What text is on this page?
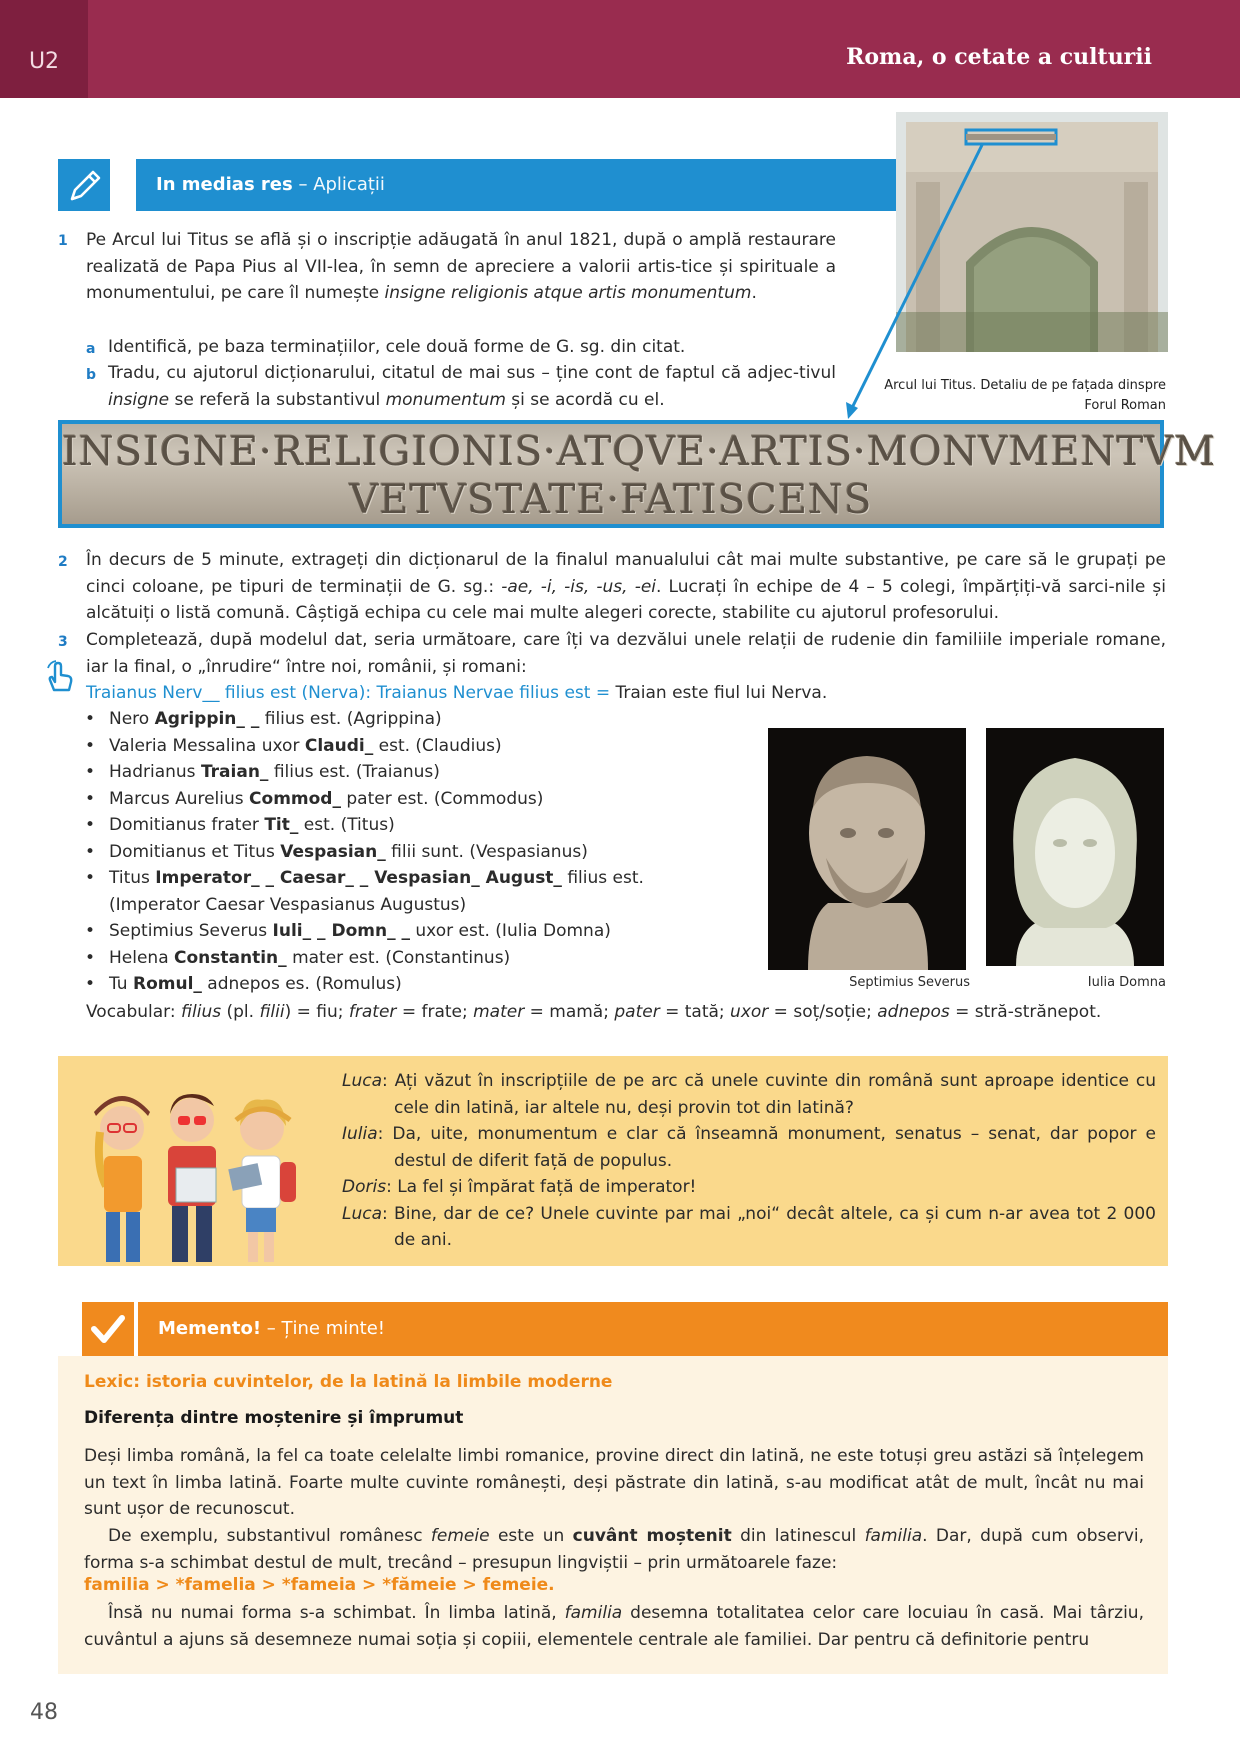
U2	Roma, o cetate a culturii
In medias res – Aplicații
Arcul lui Titus. Detaliu de pe fațada dinspre Forul Roman
1 Pe Arcul lui Titus se află și o inscripție adăugată în anul 1821, după o amplă restaurare realizată de Papa Pius al VII-lea, în semn de apreciere a valorii artis-tice și spirituale a monumentului, pe care îl numește insigne religionis atque artis monumentum.
a Identifică, pe baza terminațiilor, cele două forme de G. sg. din citat.
b Tradu, cu ajutorul dicționarului, citatul de mai sus – ține cont de faptul că adjec-tivul insigne se referă la substantivul monumentum și se acordă cu el.
INSIGNE·RELIGIONIS·ATQVE·ARTIS·MONVMENTVM
VETVSTATE·FATISCENS
2 În decurs de 5 minute, extrageți din dicționarul de la finalul manualului cât mai multe substantive, pe care să le grupați pe cinci coloane, pe tipuri de terminații de G. sg.: -ae, -i, -is, -us, -ei. Lucrați în echipe de 4 – 5 colegi, împărțiți-vă sarci-nile și alcătuiți o listă comună. Câștigă echipa cu cele mai multe alegeri corecte, stabilite cu ajutorul profesorului.
3 Completează, după modelul dat, seria următoare, care îți va dezvălui unele relații de rudenie din familiile imperiale romane, iar la final, o „înrudire“ între noi, românii, și romani:
Traianus Nerv__ filius est (Nerva): Traianus Nervae filius est = Traian este fiul lui Nerva.
• Nero Agrippin_ _ filius est. (Agrippina)
• Valeria Messalina uxor Claudi_ est. (Claudius)
• Hadrianus Traian_ filius est. (Traianus)
• Marcus Aurelius Commod_ pater est. (Commodus)
• Domitianus frater Tit_ est. (Titus)
• Domitianus et Titus Vespasian_ filii sunt. (Vespasianus)
• Titus Imperator_ _ Caesar_ _ Vespasian_ August_ filius est. (Imperator Caesar Vespasianus Augustus)
• Septimius Severus Iuli_ _ Domn_ _ uxor est. (Iulia Domna)
• Helena Constantin_ mater est. (Constantinus)
• Tu Romul_ adnepos es. (Romulus)
Vocabular: filius (pl. filii) = fiu; frater = frate; mater = mamă; pater = tată; uxor = soț/soție; adnepos = stră-strănepot.
Septimius Severus	Iulia Domna
Luca: Ați văzut în inscripțiile de pe arc că unele cuvinte din română sunt aproape identice cu cele din latină, iar altele nu, deși provin tot din latină?
Iulia: Da, uite, monumentum e clar că înseamnă monument, senatus – senat, dar popor e destul de diferit față de populus.
Doris: La fel și împărat față de imperator!
Luca: Bine, dar de ce? Unele cuvinte par mai „noi“ decât altele, ca și cum n-ar avea tot 2 000 de ani.
Memento! – Ține minte!
Lexic: istoria cuvintelor, de la latină la limbile moderne
Diferența dintre moștenire și împrumut
Deși limba română, la fel ca toate celelalte limbi romanice, provine direct din latină, ne este totuși greu astăzi să înțelegem un text în limba latină. Foarte multe cuvinte românești, deși păstrate din latină, s-au modificat atât de mult, încât nu mai sunt ușor de recunoscut.
De exemplu, substantivul românesc femeie este un cuvânt moștenit din latinescul familia. Dar, după cum observi, forma s-a schimbat destul de mult, trecând – presupun lingviștii – prin următoarele faze:
familia > *famelia > *fameia > *fămeie > femeie.
Însă nu numai forma s-a schimbat. În limba latină, familia desemna totalitatea celor care locuiau în casă. Mai târziu, cuvântul a ajuns să desemneze numai soția și copiii, elementele centrale ale familiei. Dar pentru că definitorie pentru
48
